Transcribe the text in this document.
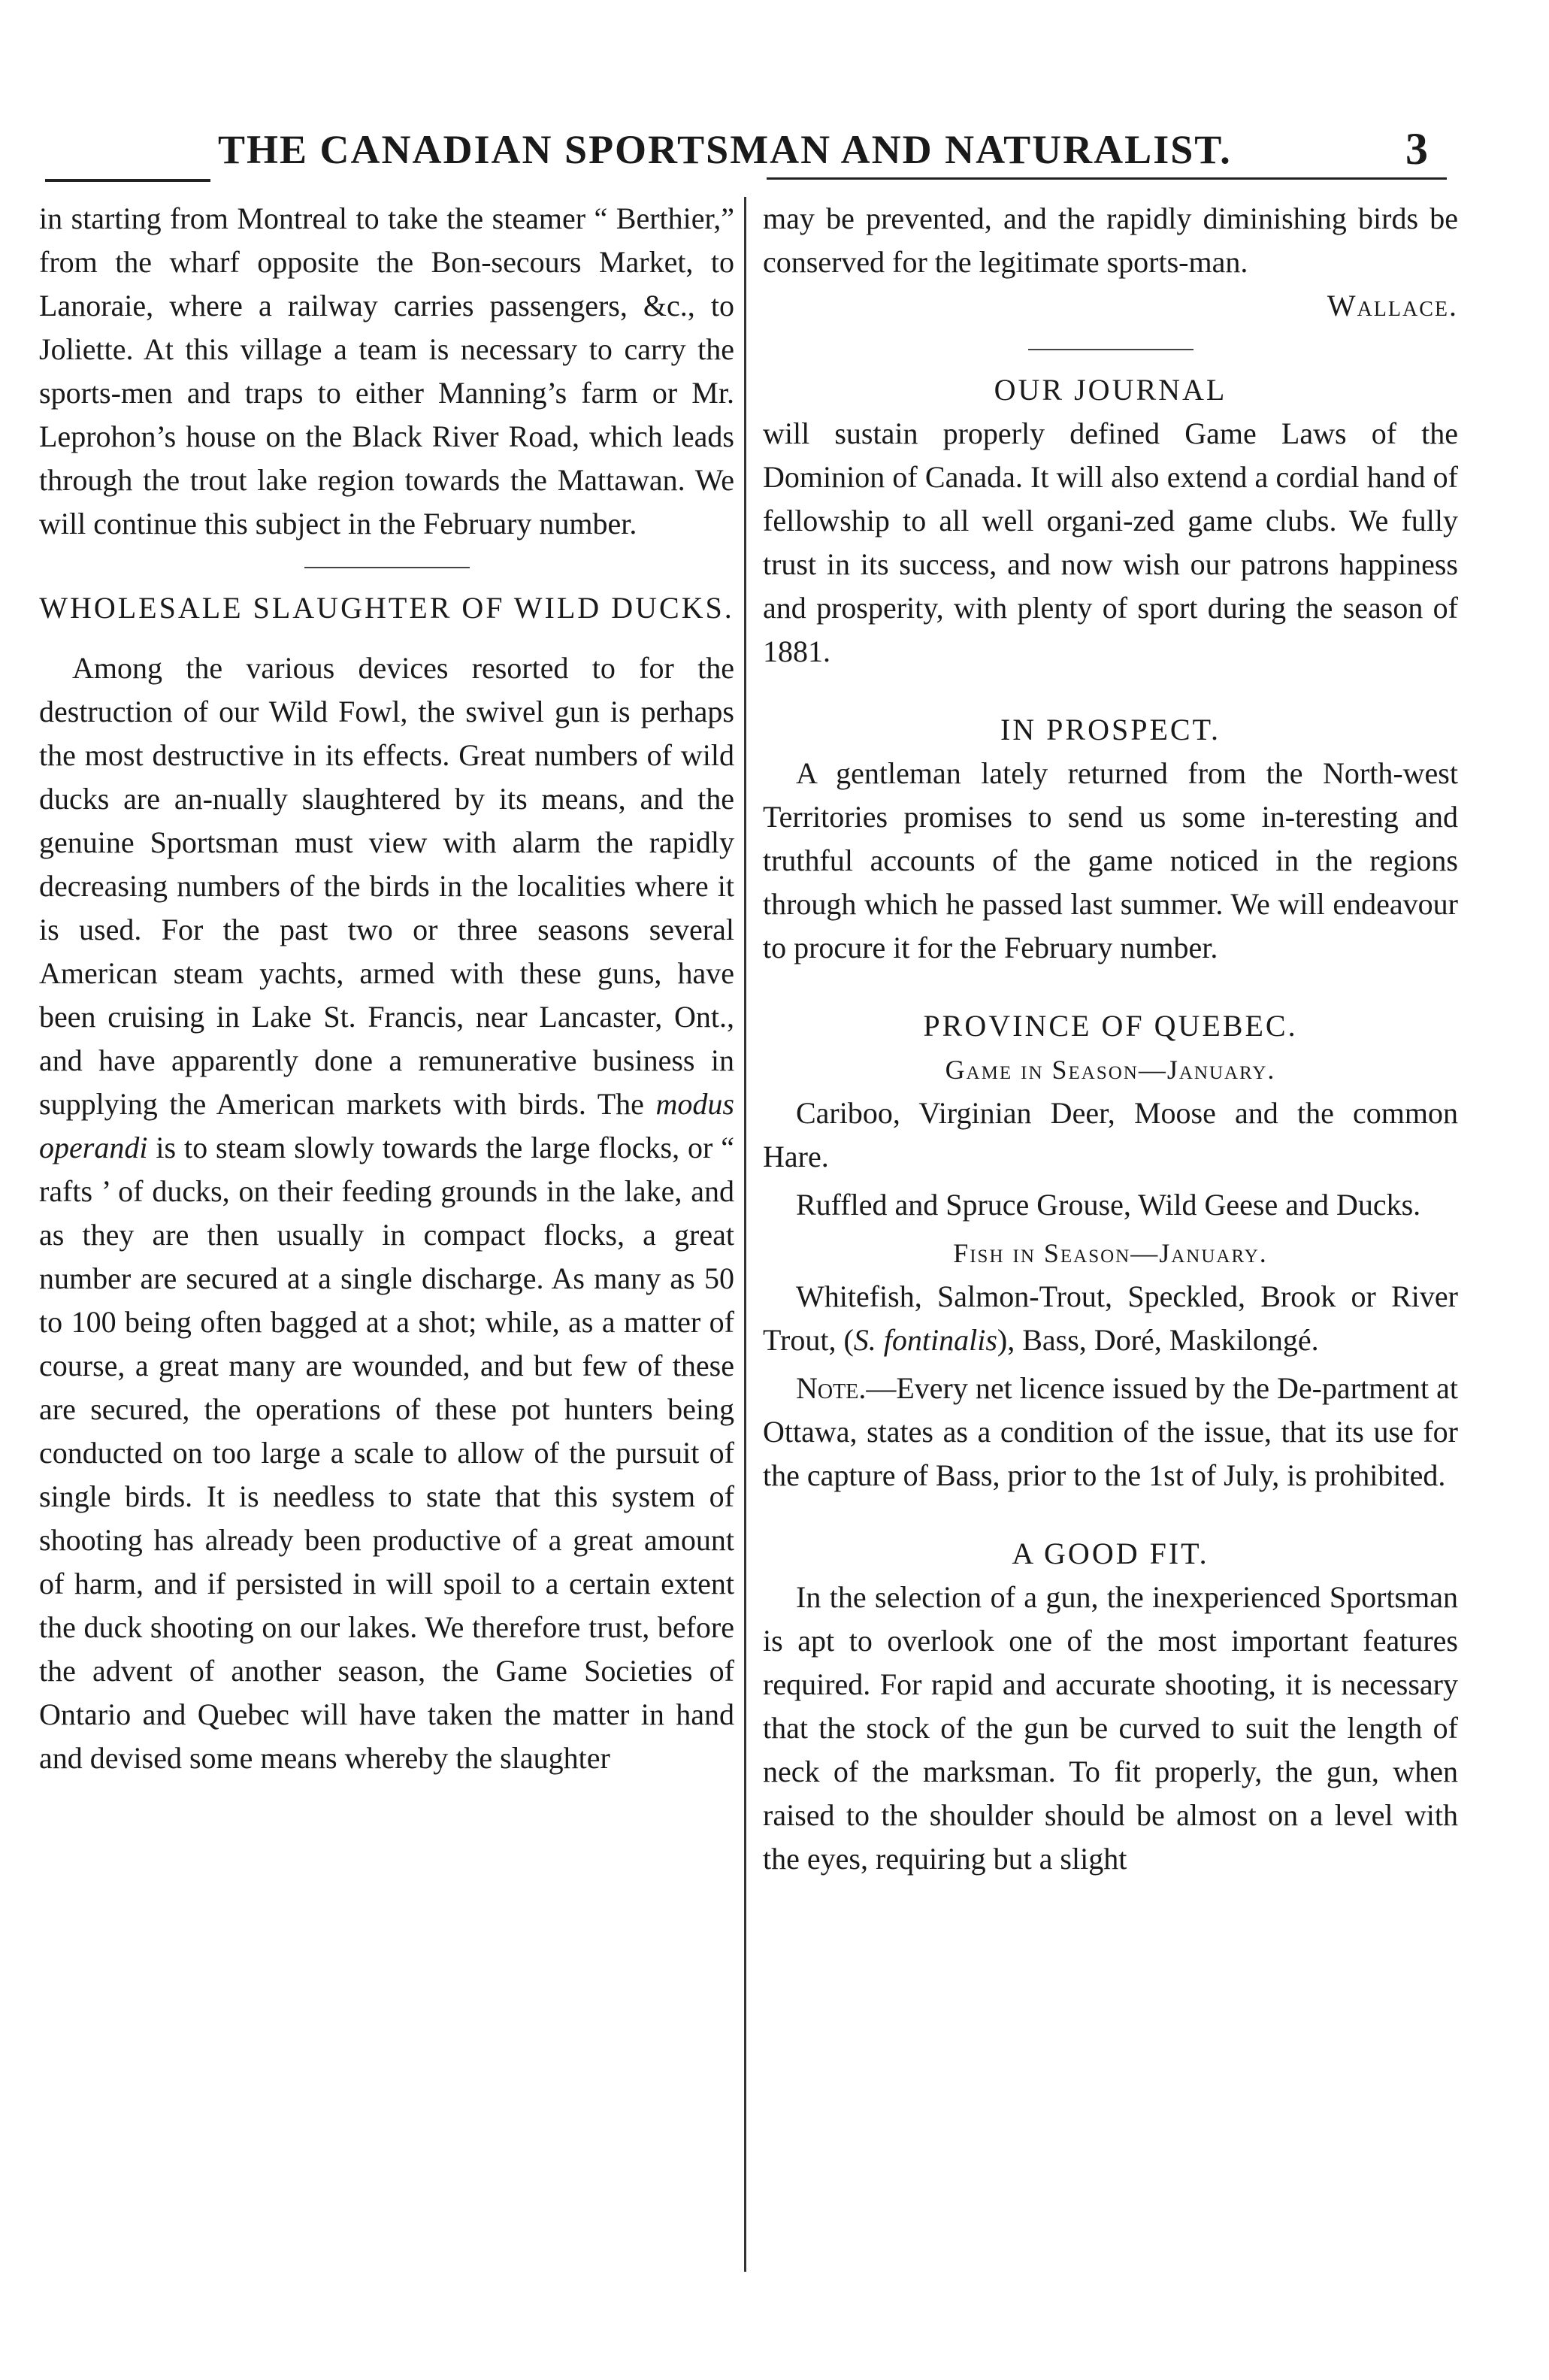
THE CANADIAN SPORTSMAN AND NATURALIST.	3

in starting from Montreal to take the steamer “ Berthier,” from the wharf opposite the Bon-secours Market, to Lanoraie, where a railway carries passengers, &c., to Joliette. At this village a team is necessary to carry the sports-men and traps to either Manning’s farm or Mr. Leprohon’s house on the Black River Road, which leads through the trout lake region towards the Mattawan. We will continue this subject in the February number.

WHOLESALE SLAUGHTER OF WILD DUCKS.

Among the various devices resorted to for the destruction of our Wild Fowl, the swivel gun is perhaps the most destructive in its effects. Great numbers of wild ducks are an-nually slaughtered by its means, and the genuine Sportsman must view with alarm the rapidly decreasing numbers of the birds in the localities where it is used. For the past two or three seasons several American steam yachts, armed with these guns, have been cruising in Lake St. Francis, near Lancaster, Ont., and have apparently done a remunerative business in supplying the American markets with birds. The modus operandi is to steam slowly towards the large flocks, or “ rafts ’ of ducks, on their feeding grounds in the lake, and as they are then usually in compact flocks, a great number are secured at a single discharge. As many as 50 to 100 being often bagged at a shot; while, as a matter of course, a great many are wounded, and but few of these are secured, the operations of these pot hunters being conducted on too large a scale to allow of the pursuit of single birds. It is needless to state that this system of shooting has already been productive of a great amount of harm, and if persisted in will spoil to a certain extent the duck shooting on our lakes. We therefore trust, before the advent of another season, the Game Societies of Ontario and Quebec will have taken the matter in hand and devised some means whereby the slaughter

may be prevented, and the rapidly diminishing birds be conserved for the legitimate sports-man.
Wallace.

OUR JOURNAL

will sustain properly defined Game Laws of the Dominion of Canada. It will also extend a cordial hand of fellowship to all well organi-zed game clubs. We fully trust in its success, and now wish our patrons happiness and prosperity, with plenty of sport during the season of 1881.

IN PROSPECT.

A gentleman lately returned from the North-west Territories promises to send us some in-teresting and truthful accounts of the game noticed in the regions through which he passed last summer. We will endeavour to procure it for the February number.

PROVINCE OF QUEBEC.

Game in Season—January.

Cariboo, Virginian Deer, Moose and the common Hare.

Ruffled and Spruce Grouse, Wild Geese and Ducks.

Fish in Season—January.

Whitefish, Salmon-Trout, Speckled, Brook or River Trout, (S. fontinalis), Bass, Doré, Maskilongé.

Note.—Every net licence issued by the De-partment at Ottawa, states as a condition of the issue, that its use for the capture of Bass, prior to the 1st of July, is prohibited.

A GOOD FIT.

In the selection of a gun, the inexperienced Sportsman is apt to overlook one of the most important features required. For rapid and accurate shooting, it is necessary that the stock of the gun be curved to suit the length of neck of the marksman. To fit properly, the gun, when raised to the shoulder should be almost on a level with the eyes, requiring but a slight
